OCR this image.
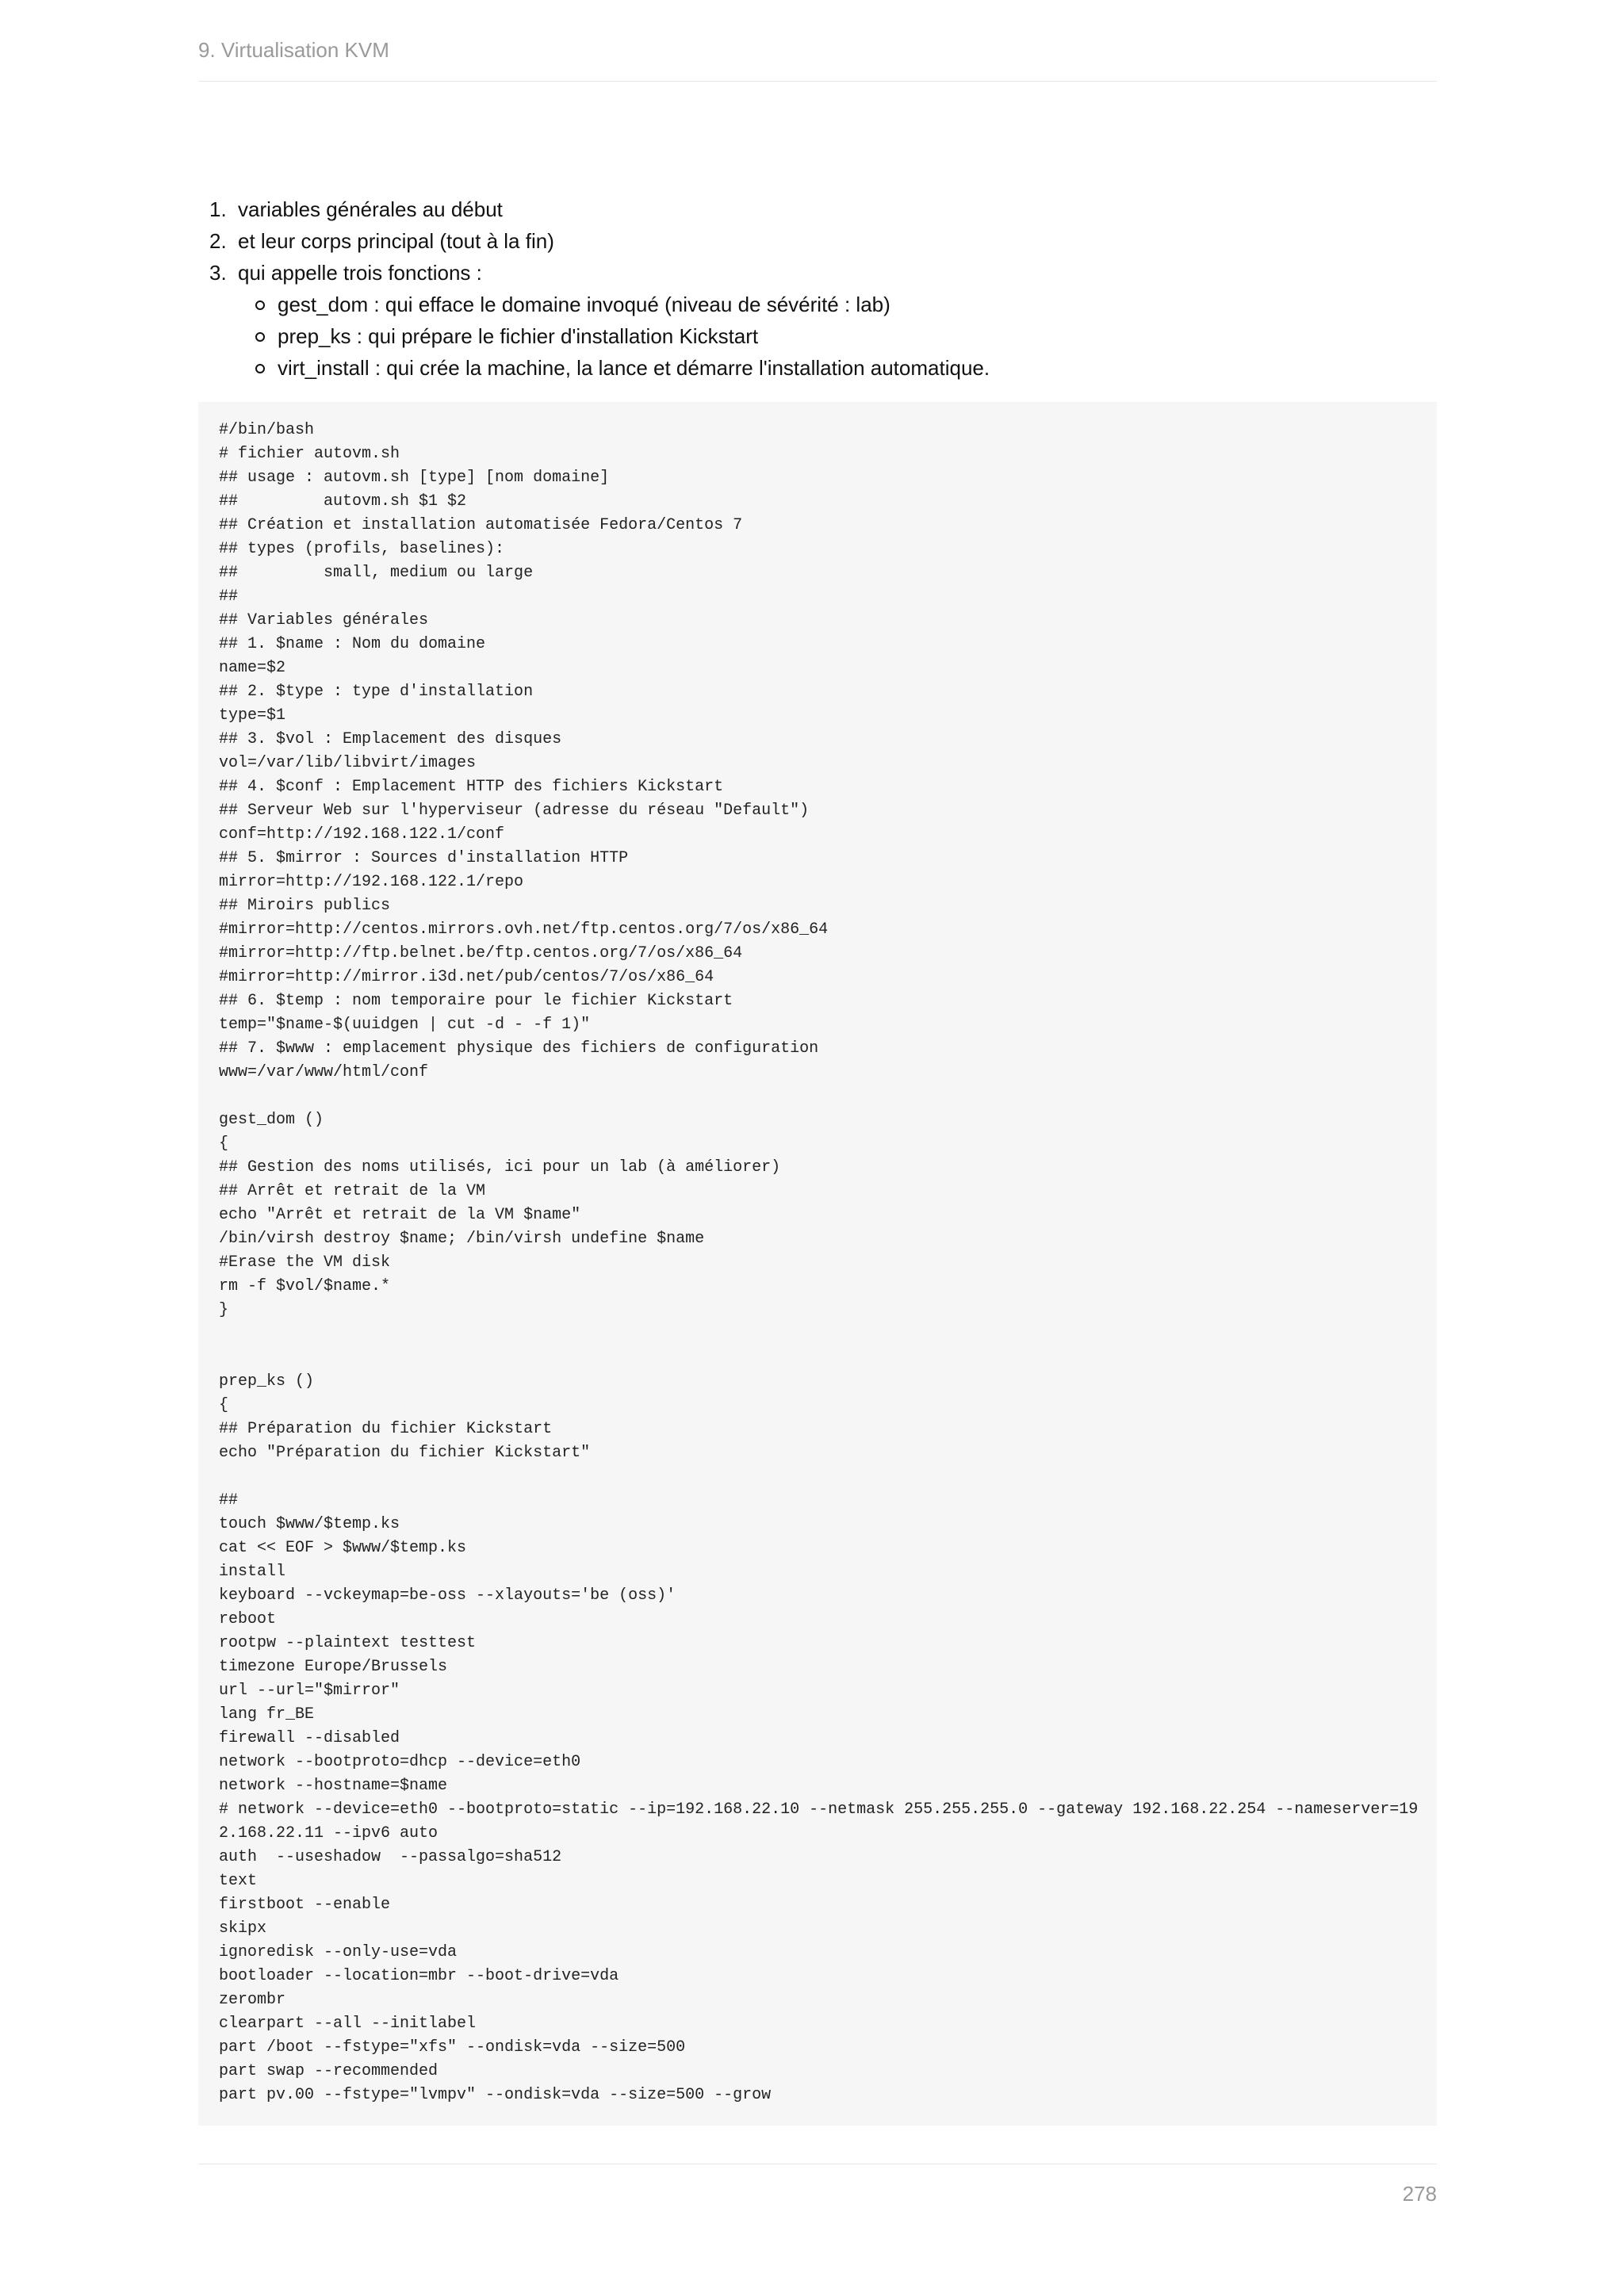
9. Virtualisation KVM
1. variables générales au début
2. et leur corps principal (tout à la fin)
3. qui appelle trois fonctions :
gest_dom : qui efface le domaine invoqué (niveau de sévérité : lab)
prep_ks : qui prépare le fichier d'installation Kickstart
virt_install : qui crée la machine, la lance et démarre l'installation automatique.
#/bin/bash
# fichier autovm.sh
## usage : autovm.sh [type] [nom domaine]
##         autovm.sh $1 $2
## Création et installation automatisée Fedora/Centos 7
## types (profils, baselines):
##         small, medium ou large
##
## Variables générales
## 1. $name : Nom du domaine
name=$2
## 2. $type : type d'installation
type=$1
## 3. $vol : Emplacement des disques
vol=/var/lib/libvirt/images
## 4. $conf : Emplacement HTTP des fichiers Kickstart
## Serveur Web sur l'hyperviseur (adresse du réseau "Default")
conf=http://192.168.122.1/conf
## 5. $mirror : Sources d'installation HTTP
mirror=http://192.168.122.1/repo
## Miroirs publics
#mirror=http://centos.mirrors.ovh.net/ftp.centos.org/7/os/x86_64
#mirror=http://ftp.belnet.be/ftp.centos.org/7/os/x86_64
#mirror=http://mirror.i3d.net/pub/centos/7/os/x86_64
## 6. $temp : nom temporaire pour le fichier Kickstart
temp="$name-$(uuidgen | cut -d - -f 1)"
## 7. $www : emplacement physique des fichiers de configuration
www=/var/www/html/conf

gest_dom ()
{
## Gestion des noms utilisés, ici pour un lab (à améliorer)
## Arrêt et retrait de la VM
echo "Arrêt et retrait de la VM $name"
/bin/virsh destroy $name; /bin/virsh undefine $name
#Erase the VM disk
rm -f $vol/$name.*
}

prep_ks ()
{
## Préparation du fichier Kickstart
echo "Préparation du fichier Kickstart"

##
touch $www/$temp.ks
cat << EOF > $www/$temp.ks
install
keyboard --vckeymap=be-oss --xlayouts='be (oss)'
reboot
rootpw --plaintext testtest
timezone Europe/Brussels
url --url="$mirror"
lang fr_BE
firewall --disabled
network --bootproto=dhcp --device=eth0
network --hostname=$name
# network --device=eth0 --bootproto=static --ip=192.168.22.10 --netmask 255.255.255.0 --gateway 192.168.22.254 --nameserver=19
2.168.22.11 --ipv6 auto
auth  --useshadow  --passalgo=sha512
text
firstboot --enable
skipx
ignoredisk --only-use=vda
bootloader --location=mbr --boot-drive=vda
zerombr
clearpart --all --initlabel
part /boot --fstype="xfs" --ondisk=vda --size=500
part swap --recommended
part pv.00 --fstype="lvmpv" --ondisk=vda --size=500 --grow
278
